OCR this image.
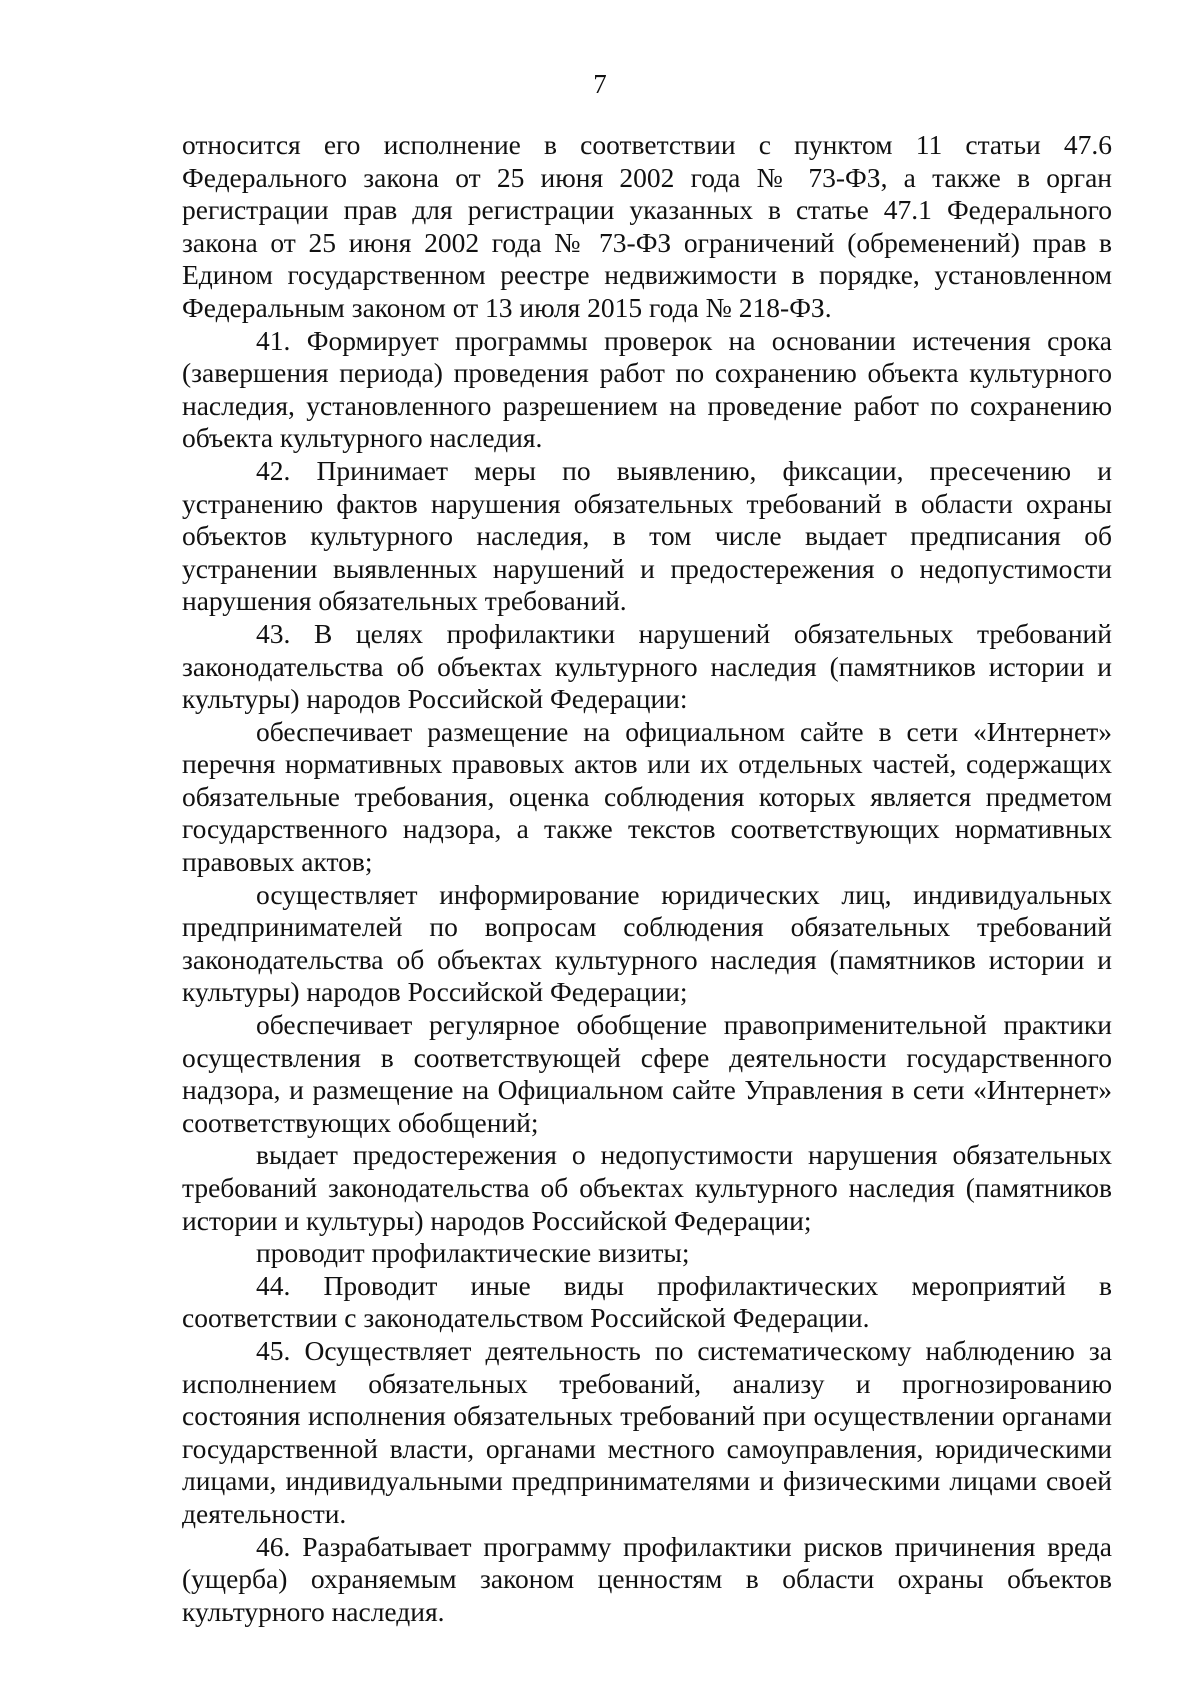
7

относится его исполнение в соответствии с пунктом 11 статьи 47.6 Федерального закона от 25 июня 2002 года № 73-ФЗ, а также в орган регистрации прав для регистрации указанных в статье 47.1 Федерального закона от 25 июня 2002 года № 73-ФЗ ограничений (обременений) прав в Едином государственном реестре недвижимости в порядке, установленном Федеральным законом от 13 июля 2015 года № 218-ФЗ.

41. Формирует программы проверок на основании истечения срока (завершения периода) проведения работ по сохранению объекта культурного наследия, установленного разрешением на проведение работ по сохранению объекта культурного наследия.

42. Принимает меры по выявлению, фиксации, пресечению и устранению фактов нарушения обязательных требований в области охраны объектов культурного наследия, в том числе выдает предписания об устранении выявленных нарушений и предостережения о недопустимости нарушения обязательных требований.

43. В целях профилактики нарушений обязательных требований законодательства об объектах культурного наследия (памятников истории и культуры) народов Российской Федерации:

обеспечивает размещение на официальном сайте в сети «Интернет» перечня нормативных правовых актов или их отдельных частей, содержащих обязательные требования, оценка соблюдения которых является предметом государственного надзора, а также текстов соответствующих нормативных правовых актов;

осуществляет информирование юридических лиц, индивидуальных предпринимателей по вопросам соблюдения обязательных требований законодательства об объектах культурного наследия (памятников истории и культуры) народов Российской Федерации;

обеспечивает регулярное обобщение правоприменительной практики осуществления в соответствующей сфере деятельности государственного надзора, и размещение на Официальном сайте Управления в сети «Интернет» соответствующих обобщений;

выдает предостережения о недопустимости нарушения обязательных требований законодательства об объектах культурного наследия (памятников истории и культуры) народов Российской Федерации;

проводит профилактические визиты;

44. Проводит иные виды профилактических мероприятий в соответствии с законодательством Российской Федерации.

45. Осуществляет деятельность по систематическому наблюдению за исполнением обязательных требований, анализу и прогнозированию состояния исполнения обязательных требований при осуществлении органами государственной власти, органами местного самоуправления, юридическими лицами, индивидуальными предпринимателями и физическими лицами своей деятельности.

46. Разрабатывает программу профилактики рисков причинения вреда (ущерба) охраняемым законом ценностям в области охраны объектов культурного наследия.
